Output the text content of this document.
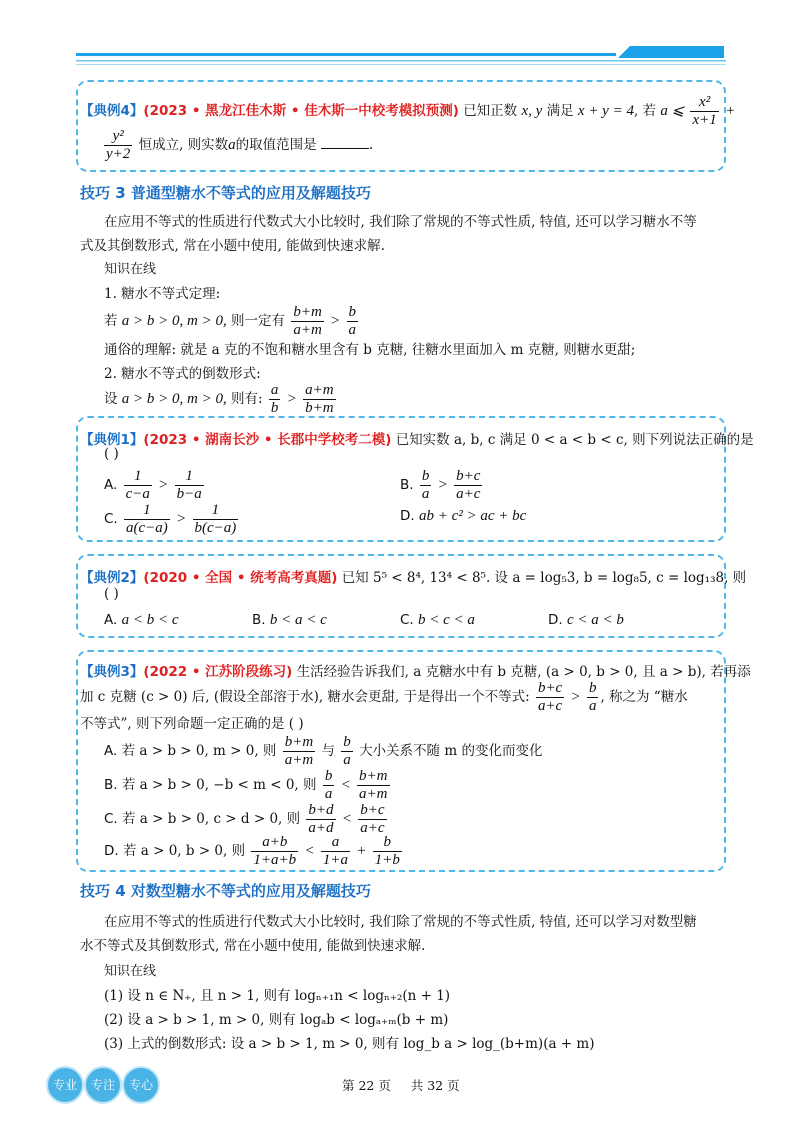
【典例4】(2023 • 黑龙江佳木斯 • 佳木斯一中校考模拟预测) 已知正数 x, y 满足 x + y = 4, 若 a ⩽ $\frac{\text{x²}}{x+1}$ +
$\frac{\text{y²}}{y+2}$ 恒成立, 则实数a的取值范围是	.
技巧 3 普通型糖水不等式的应用及解题技巧
在应用不等式的性质进行代数式大小比较时, 我们除了常规的不等式性质, 特值, 还可以学习糖水不等
式及其倒数形式, 常在小题中使用, 能做到快速求解.
知识在线
1. 糖水不等式定理:
若 a > b > 0, m > 0, 则一定有 $\frac{b+m}{a+m} > \frac{b}{a}$
通俗的理解: 就是 a 克的不饱和糖水里含有 b 克糖, 往糖水里面加入 m 克糖, 则糖水更甜;
2. 糖水不等式的倒数形式:
设 a > b > 0, m > 0, 则有: $\frac{a}{b} > \frac{a+m}{b+m}$
【典例1】(2023 • 湖南长沙 • 长郡中学校考二模) 已知实数 a, b, c 满足 0 < a < b < c, 则下列说法正确的是
( )
A. $\frac{1}{c-a} > \frac{1}{b-a}$	B. $\frac{b}{a} > \frac{b+c}{a+c}$
C. $\frac{1}{a(c-a)} > \frac{1}{b(c-a)}$	D. ab + c² > ac + bc
【典例2】(2020 • 全国 • 统考高考真题) 已知 5⁵ < 8⁴, 13⁴ < 8⁵. 设 a = log₅3, b = log₈5, c = log₁₃8, 则
( )
A. a < b < c	B. b < a < c	C. b < c < a	D. c < a < b
【典例3】(2022 • 江苏阶段练习) 生活经验告诉我们, a 克糖水中有 b 克糖, (a > 0, b > 0, 且 a > b), 若再添
加 c 克糖 (c > 0) 后, (假设全部溶于水), 糖水会更甜, 于是得出一个不等式: $\frac{b+c}{a+c} > \frac{b}{a}$ , 称之为 “糖水
不等式”, 则下列命题一定正确的是 ( )
A. 若 a > b > 0, m > 0, 则 $\frac{b+m}{a+m}$ 与 $\frac{b}{a}$ 大小关系不随 m 的变化而变化
B. 若 a > b > 0, −b < m < 0, 则 $\frac{b}{a} < \frac{b+m}{a+m}$
C. 若 a > b > 0, c > d > 0, 则 $\frac{b+d}{a+d} < \frac{b+c}{a+c}$
D. 若 a > 0, b > 0, 则 $\frac{a+b}{1+a+b} < \frac{a}{1+a} + \frac{b}{1+b}$
技巧 4 对数型糖水不等式的应用及解题技巧
在应用不等式的性质进行代数式大小比较时, 我们除了常规的不等式性质, 特值, 还可以学习对数型糖
水不等式及其倒数形式, 常在小题中使用, 能做到快速求解.
知识在线
(1) 设 n ∈ N₊, 且 n > 1, 则有 logₙ₊₁n < logₙ₊₂(n + 1)
(2) 设 a > b > 1, m > 0, 则有 logₐb < logₐ₊ₘ(b + m)
(3) 上式的倒数形式: 设 a > b > 1, m > 0, 则有 log_b a > log_(b+m)(a + m)
专业	专注	专心	第 22 页     共 32 页
